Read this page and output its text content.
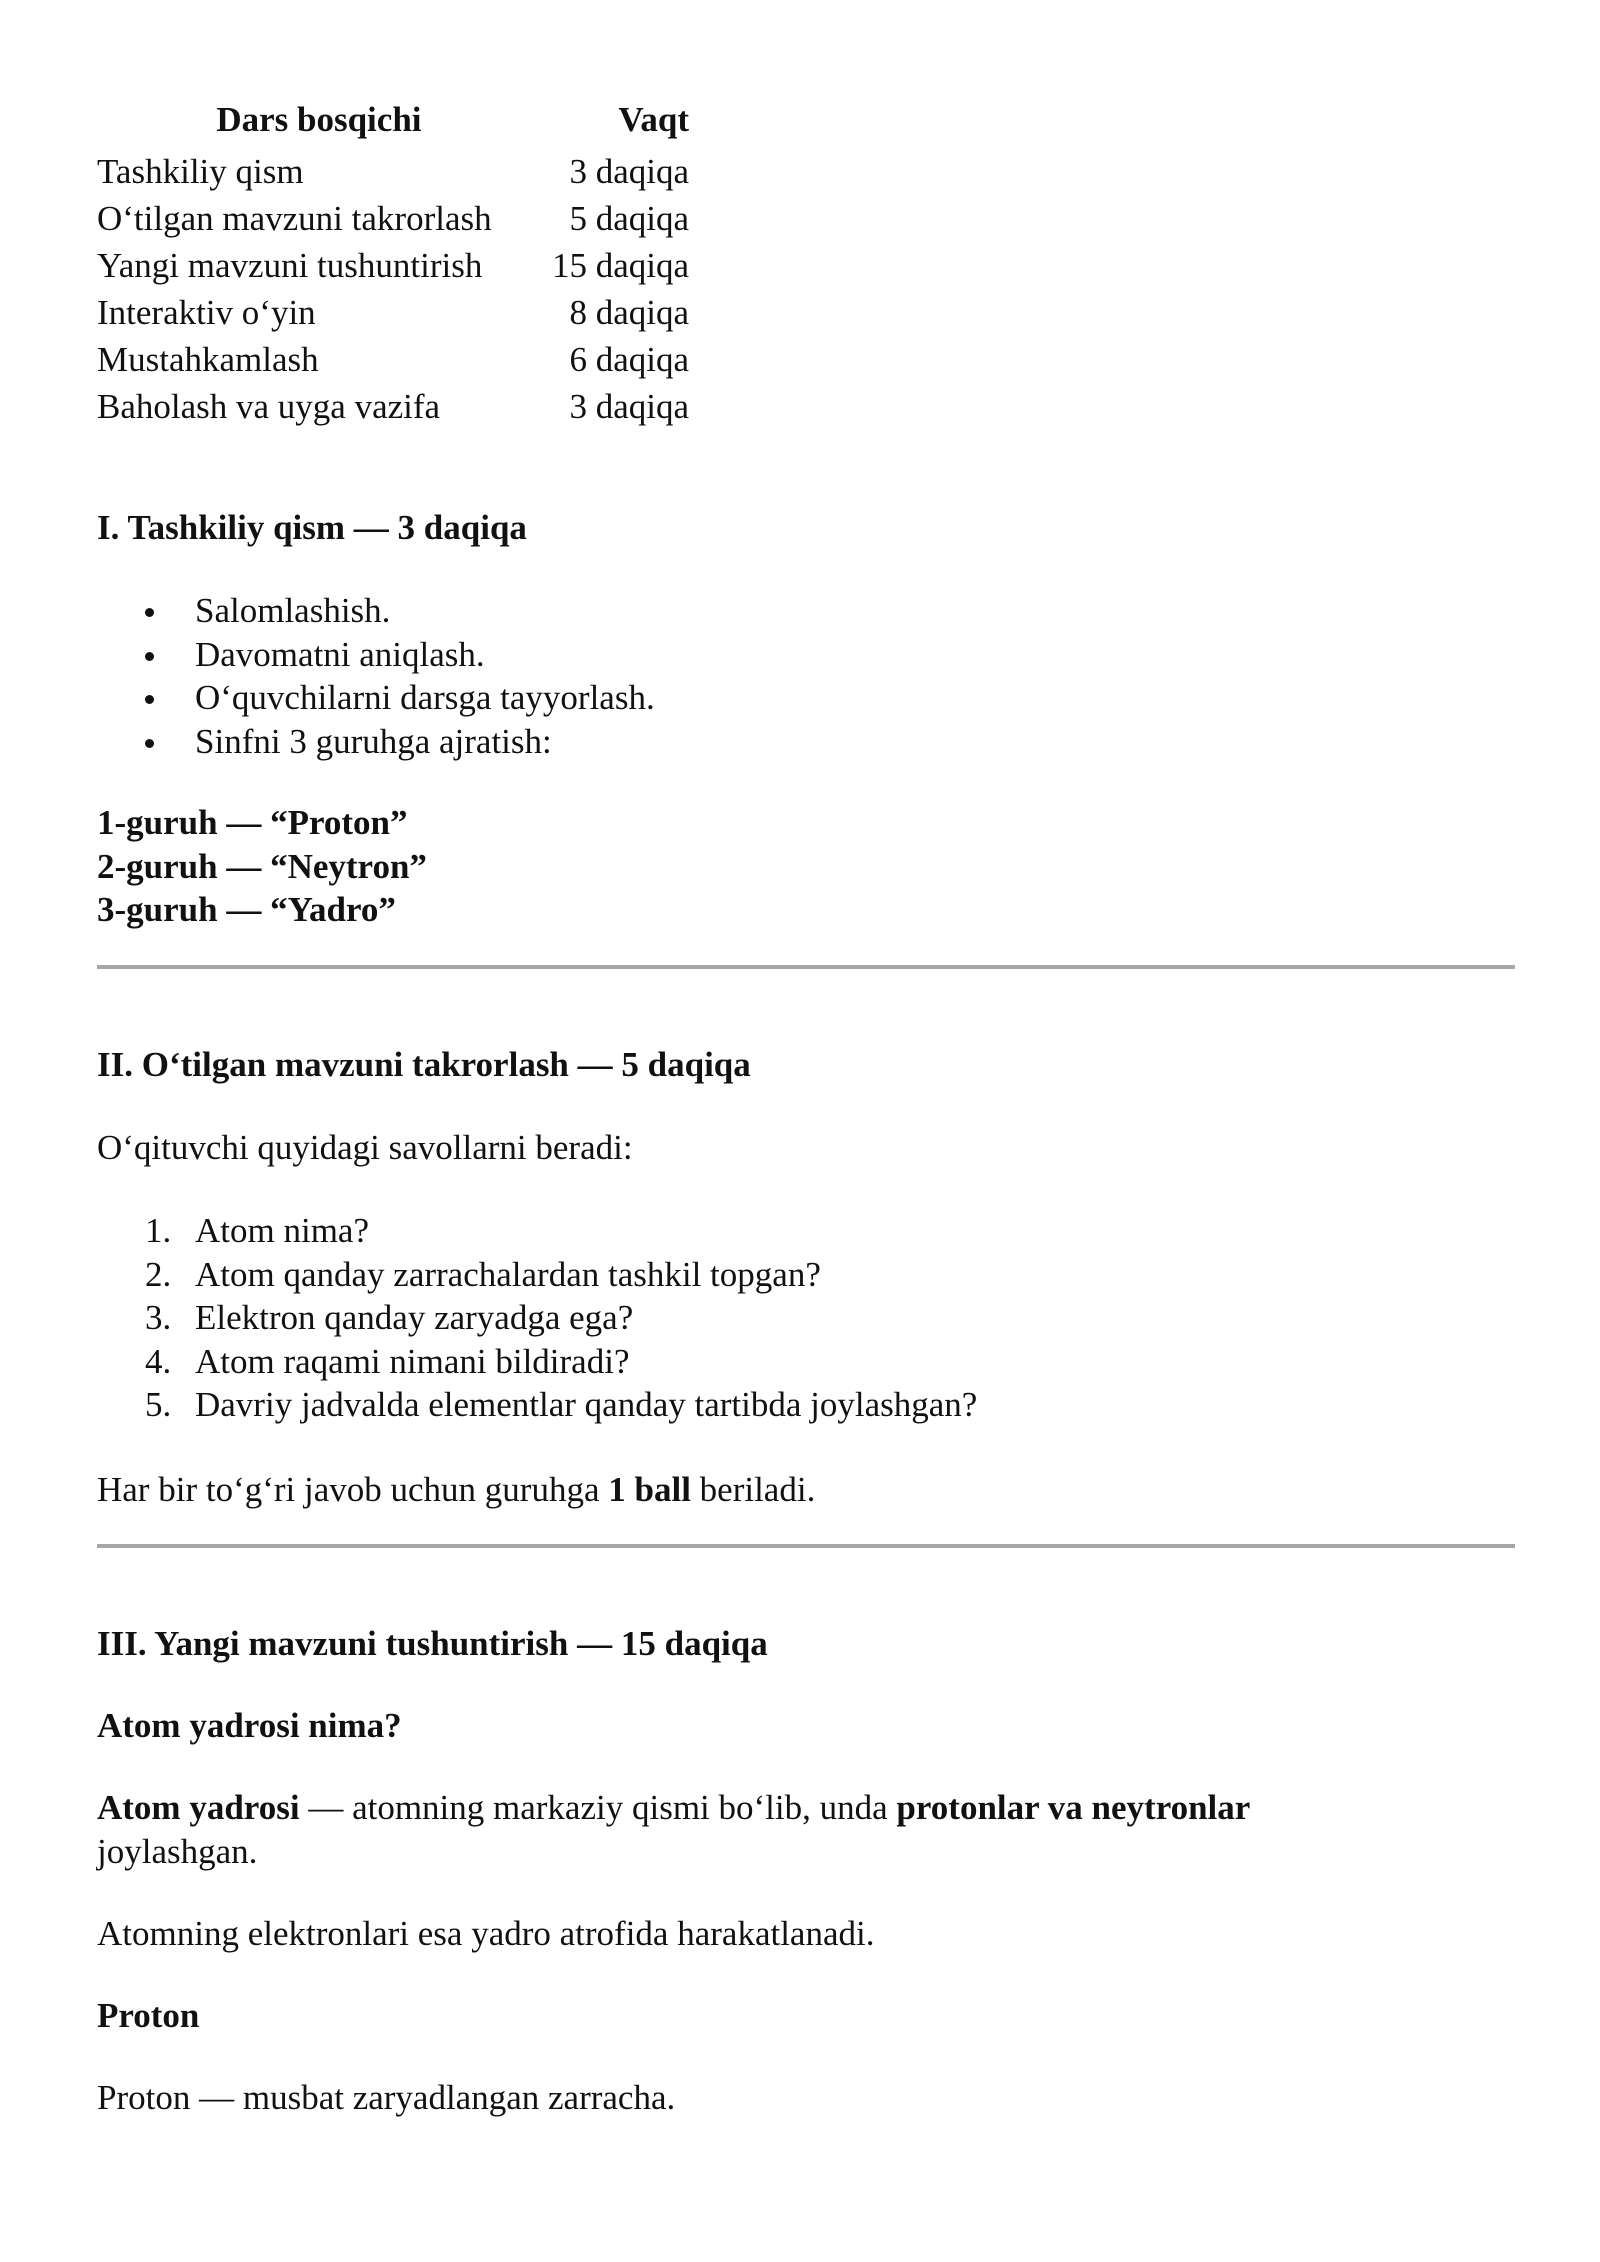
Dars bosqichi	Vaqt
Tashkiliy qism	3 daqiqa
O‘tilgan mavzuni takrorlash	5 daqiqa
Yangi mavzuni tushuntirish	15 daqiqa
Interaktiv o‘yin	8 daqiqa
Mustahkamlash	6 daqiqa
Baholash va uyga vazifa	3 daqiqa
I. Tashkiliy qism — 3 daqiqa
Salomlashish.
Davomatni aniqlash.
O‘quvchilarni darsga tayyorlash.
Sinfni 3 guruhga ajratish:
1-guruh — “Proton”
2-guruh — “Neytron”
3-guruh — “Yadro”
II. O‘tilgan mavzuni takrorlash — 5 daqiqa

O‘qituvchi quyidagi savollarni beradi:

1. Atom nima?
2. Atom qanday zarrachalardan tashkil topgan?
3. Elektron qanday zaryadga ega?
4. Atom raqami nimani bildiradi?
5. Davriy jadvalda elementlar qanday tartibda joylashgan?

Har bir to‘g‘ri javob uchun guruhga 1 ball beriladi.

III. Yangi mavzuni tushuntirish — 15 daqiqa

Atom yadrosi nima?

Atom yadrosi — atomning markaziy qismi bo‘lib, unda protonlar va neytronlar joylashgan.

Atomning elektronlari esa yadro atrofida harakatlanadi.

Proton

Proton — musbat zaryadlangan zarracha.
